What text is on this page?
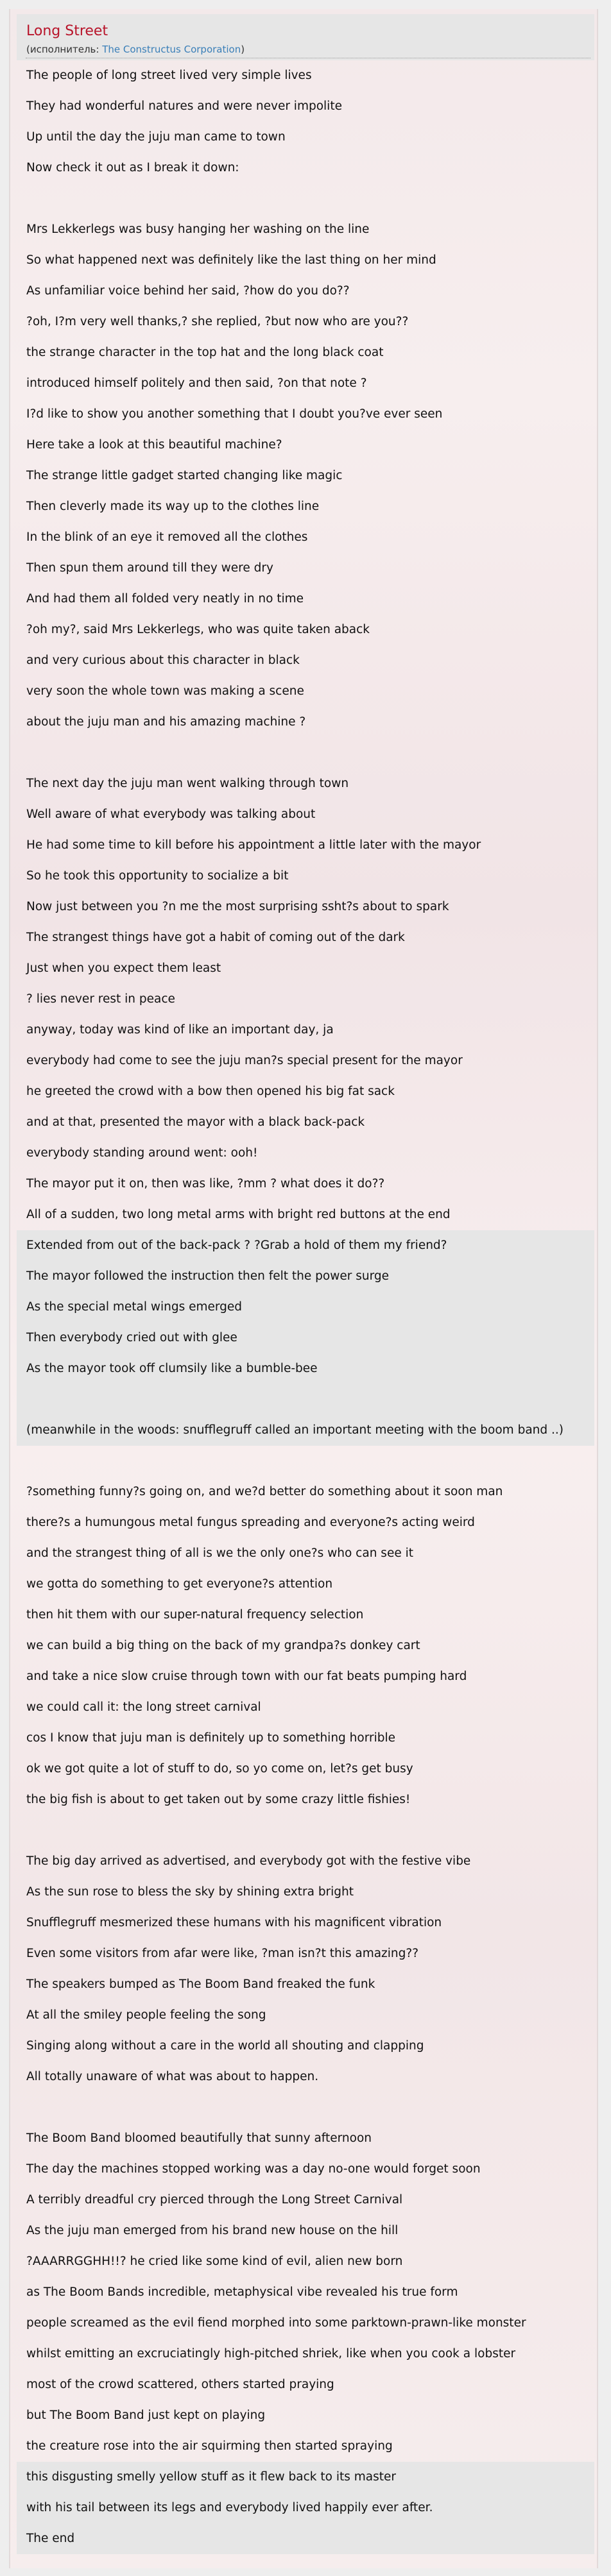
Long Street
(исполнитель: The Constructus Corporation)
The people of long street lived very simple lives
They had wonderful natures and were never impolite
Up until the day the juju man came to town
Now check it out as I break it down:
Mrs Lekkerlegs was busy hanging her washing on the line
So what happened next was definitely like the last thing on her mind
As unfamiliar voice behind her said, ?how do you do??
?oh, I?m very well thanks,? she replied, ?but now who are you??
the strange character in the top hat and the long black coat
introduced himself politely and then said, ?on that note ?
I?d like to show you another something that I doubt you?ve ever seen
Here take a look at this beautiful machine?
The strange little gadget started changing like magic
Then cleverly made its way up to the clothes line
In the blink of an eye it removed all the clothes
Then spun them around till they were dry
And had them all folded very neatly in no time
?oh my?, said Mrs Lekkerlegs, who was quite taken aback
and very curious about this character in black
very soon the whole town was making a scene
about the juju man and his amazing machine ?
The next day the juju man went walking through town
Well aware of what everybody was talking about
He had some time to kill before his appointment a little later with the mayor
So he took this opportunity to socialize a bit
Now just between you ?n me the most surprising ssht?s about to spark
The strangest things have got a habit of coming out of the dark
Just when you expect them least
? lies never rest in peace
anyway, today was kind of like an important day, ja
everybody had come to see the juju man?s special present for the mayor
he greeted the crowd with a bow then opened his big fat sack
and at that, presented the mayor with a black back-pack
everybody standing around went: ooh!
The mayor put it on, then was like, ?mm ? what does it do??
All of a sudden, two long metal arms with bright red buttons at the end
Extended from out of the back-pack ? ?Grab a hold of them my friend?
The mayor followed the instruction then felt the power surge
As the special metal wings emerged
Then everybody cried out with glee
As the mayor took off clumsily like a bumble-bee
(meanwhile in the woods: snufflegruff called an important meeting with the boom band ..)
?something funny?s going on, and we?d better do something about it soon man
there?s a humungous metal fungus spreading and everyone?s acting weird
and the strangest thing of all is we the only one?s who can see it
we gotta do something to get everyone?s attention
then hit them with our super-natural frequency selection
we can build a big thing on the back of my grandpa?s donkey cart
and take a nice slow cruise through town with our fat beats pumping hard
we could call it: the long street carnival
cos I know that juju man is definitely up to something horrible
ok we got quite a lot of stuff to do, so yo come on, let?s get busy
the big fish is about to get taken out by some crazy little fishies!
The big day arrived as advertised, and everybody got with the festive vibe
As the sun rose to bless the sky by shining extra bright
Snufflegruff mesmerized these humans with his magnificent vibration
Even some visitors from afar were like, ?man isn?t this amazing??
The speakers bumped as The Boom Band freaked the funk
At all the smiley people feeling the song
Singing along without a care in the world all shouting and clapping
All totally unaware of what was about to happen.
The Boom Band bloomed beautifully that sunny afternoon
The day the machines stopped working was a day no-one would forget soon
A terribly dreadful cry pierced through the Long Street Carnival
As the juju man emerged from his brand new house on the hill
?AAARRGGHH!!? he cried like some kind of evil, alien new born
as The Boom Bands incredible, metaphysical vibe revealed his true form
people screamed as the evil fiend morphed into some parktown-prawn-like monster
whilst emitting an excruciatingly high-pitched shriek, like when you cook a lobster
most of the crowd scattered, others started praying
but The Boom Band just kept on playing
the creature rose into the air squirming then started spraying
this disgusting smelly yellow stuff as it flew back to its master
with his tail between its legs and everybody lived happily ever after.
The end
